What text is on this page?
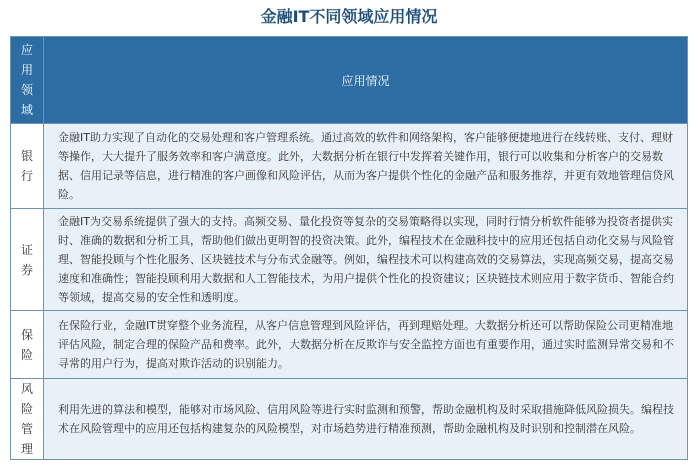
金融IT不同领域应用情况
应
用
领
域	应用情况

银
行	金融IT助力实现了自动化的交易处理和客户管理系统。通过高效的软件和网络架构，客户能够便捷地进行在线转账、支付、理财等操作，大大提升了服务效率和客户满意度。此外，大数据分析在银行中发挥着关键作用，银行可以收集和分析客户的交易数据、信用记录等信息，进行精准的客户画像和风险评估，从而为客户提供个性化的金融产品和服务推荐，并更有效地管理信贷风险。

证
券	金融IT为交易系统提供了强大的支持。高频交易、量化投资等复杂的交易策略得以实现，同时行情分析软件能够为投资者提供实时、准确的数据和分析工具，帮助他们做出更明智的投资决策。此外，编程技术在金融科技中的应用还包括自动化交易与风险管理、智能投顾与个性化服务、区块链技术与分布式金融等。例如，编程技术可以构建高效的交易算法，实现高频交易，提高交易速度和准确性；智能投顾利用大数据和人工智能技术，为用户提供个性化的投资建议；区块链技术则应用于数字货币、智能合约等领域，提高交易的安全性和透明度。

保
险	在保险行业，金融IT贯穿整个业务流程，从客户信息管理到风险评估，再到理赔处理。大数据分析还可以帮助保险公司更精准地评估风险，制定合理的保险产品和费率。此外，大数据分析在反欺诈与安全监控方面也有重要作用，通过实时监测异常交易和不寻常的用户行为，提高对欺诈活动的识别能力。

风
险
管
理	利用先进的算法和模型，能够对市场风险、信用风险等进行实时监测和预警，帮助金融机构及时采取措施降低风险损失。编程技术在风险管理中的应用还包括构建复杂的风险模型，对市场趋势进行精准预测，帮助金融机构及时识别和控制潜在风险。
